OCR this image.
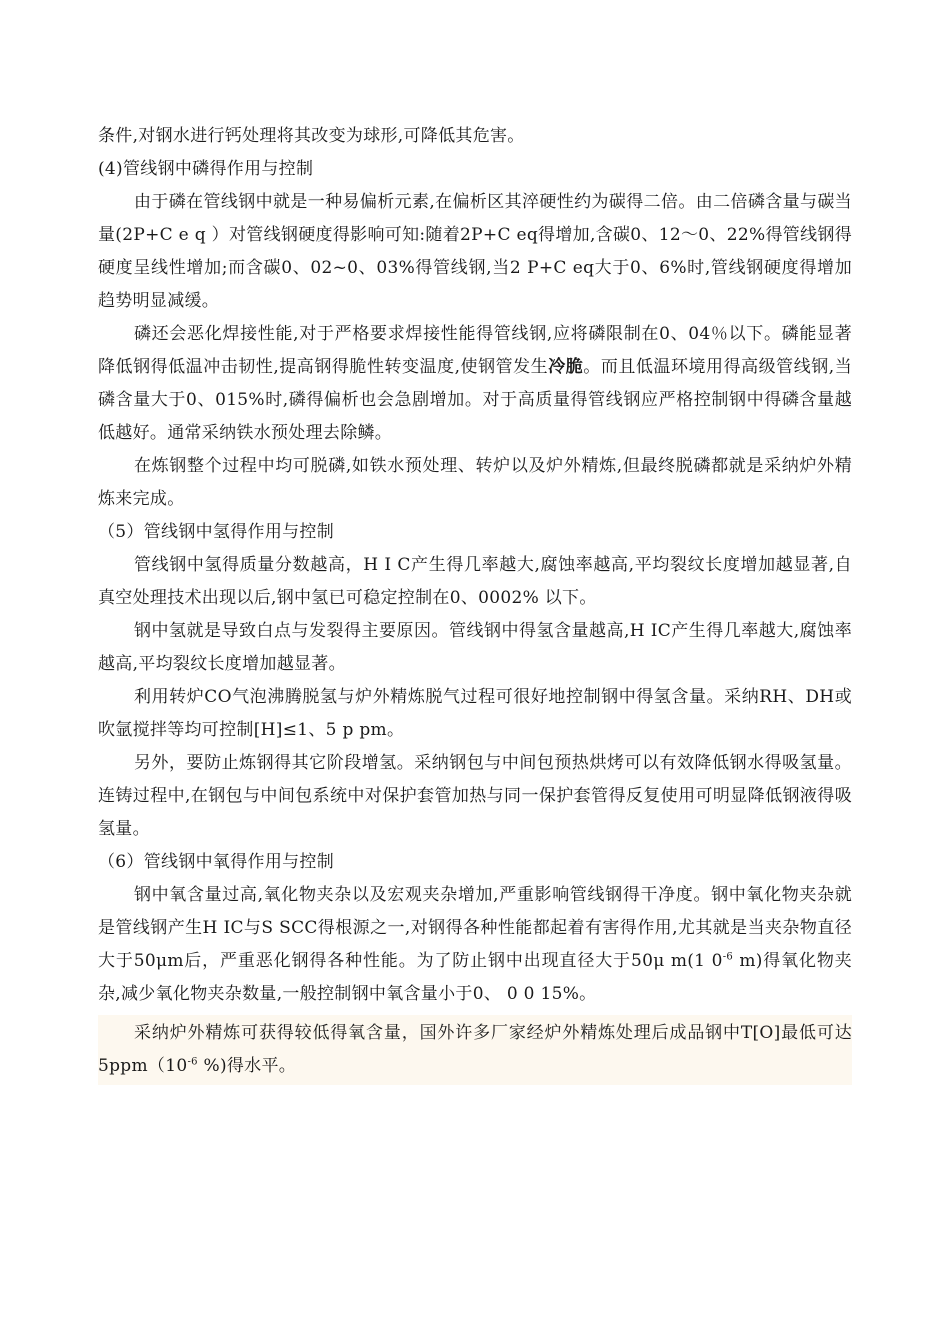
条件,对钢水进行钙处理将其改变为球形,可降低其危害。

(4)管线钢中磷得作用与控制

由于磷在管线钢中就是一种易偏析元素,在偏析区其淬硬性约为碳得二倍。由二倍磷含量与碳当量(2P+C e q ）对管线钢硬度得影响可知:随着2P+C eq得增加,含碳0、12～0、22%得管线钢得硬度呈线性增加;而含碳0、02~0、03%得管线钢,当2 P+C eq大于0、6%时,管线钢硬度得增加趋势明显减缓。

磷还会恶化焊接性能,对于严格要求焊接性能得管线钢,应将磷限制在0、04％以下。磷能显著降低钢得低温冲击韧性,提高钢得脆性转变温度,使钢管发生冷脆。而且低温环境用得高级管线钢,当磷含量大于0、015%时,磷得偏析也会急剧增加。对于高质量得管线钢应严格控制钢中得磷含量越低越好。通常采纳铁水预处理去除鳞。

在炼钢整个过程中均可脱磷,如铁水预处理、转炉以及炉外精炼,但最终脱磷都就是采纳炉外精炼来完成。

（5）管线钢中氢得作用与控制

管线钢中氢得质量分数越高，H I C产生得几率越大,腐蚀率越高,平均裂纹长度增加越显著,自真空处理技术出现以后,钢中氢已可稳定控制在0、0002% 以下。

钢中氢就是导致白点与发裂得主要原因。管线钢中得氢含量越高,H IC产生得几率越大,腐蚀率越高,平均裂纹长度增加越显著。

利用转炉CO气泡沸腾脱氢与炉外精炼脱气过程可很好地控制钢中得氢含量。采纳RH、DH或吹氩搅拌等均可控制[H]≤1、5 p pm。

另外，要防止炼钢得其它阶段增氢。采纳钢包与中间包预热烘烤可以有效降低钢水得吸氢量。连铸过程中,在钢包与中间包系统中对保护套管加热与同一保护套管得反复使用可明显降低钢液得吸氢量。

（6）管线钢中氧得作用与控制

钢中氧含量过高,氧化物夹杂以及宏观夹杂增加,严重影响管线钢得干净度。钢中氧化物夹杂就是管线钢产生H IC与S SCC得根源之一,对钢得各种性能都起着有害得作用,尤其就是当夹杂物直径大于50μm后，严重恶化钢得各种性能。为了防止钢中出现直径大于50μ m(1 $0^{-6}$ m)得氧化物夹杂,减少氧化物夹杂数量,一般控制钢中氧含量小于0、 0 0 15%。

采纳炉外精炼可获得较低得氧含量，国外许多厂家经炉外精炼处理后成品钢中T[O]最低可达$5ppm(10^{-6}$ %)得水平。
